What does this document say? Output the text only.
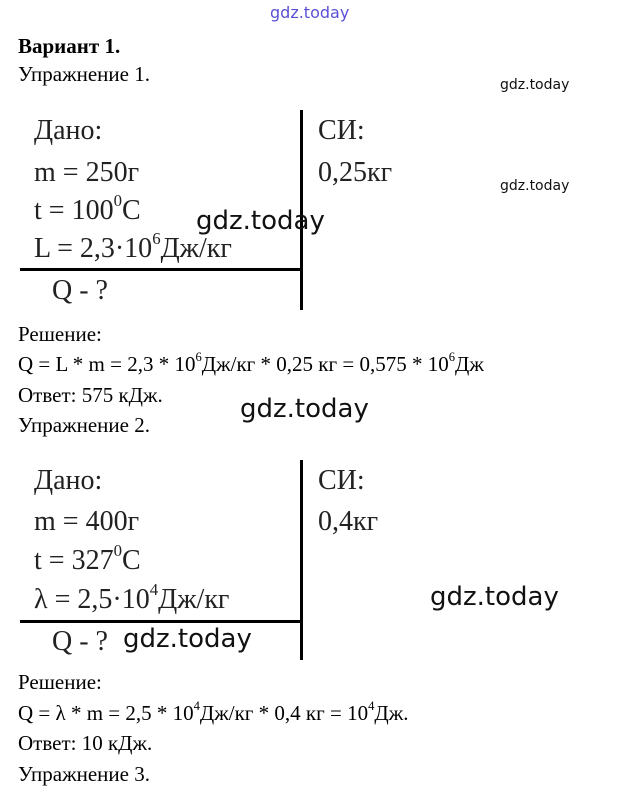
gdz.today
Вариант 1.
Упражнение 1.	gdz.today
gdz.today
Дано:
m = 250г
$t = 100^0C$
$L = 2,3\cdot 10^6Дж/кг$
Q - ?
СИ:
0,25кг
gdz.today
Решение:
$Q = L * m = 2,3 * 10^6Дж/кг * 0,25$ кг = $0,575 * 10^6Дж$
Ответ: 575 кДж.	gdz.today
Упражнение 2.
Дано:
m = 400г
$t = 327^0C$
$\lambda = 2,5\cdot 10^4Дж/кг$
Q - ?
СИ:
0,4кг
gdz.today
gdz.today
Решение:
$Q = \lambda * m = 2,5 * 10^4Дж/кг * 0,4$ кг = $10^4Дж$.
Ответ: 10 кДж.
Упражнение 3.
